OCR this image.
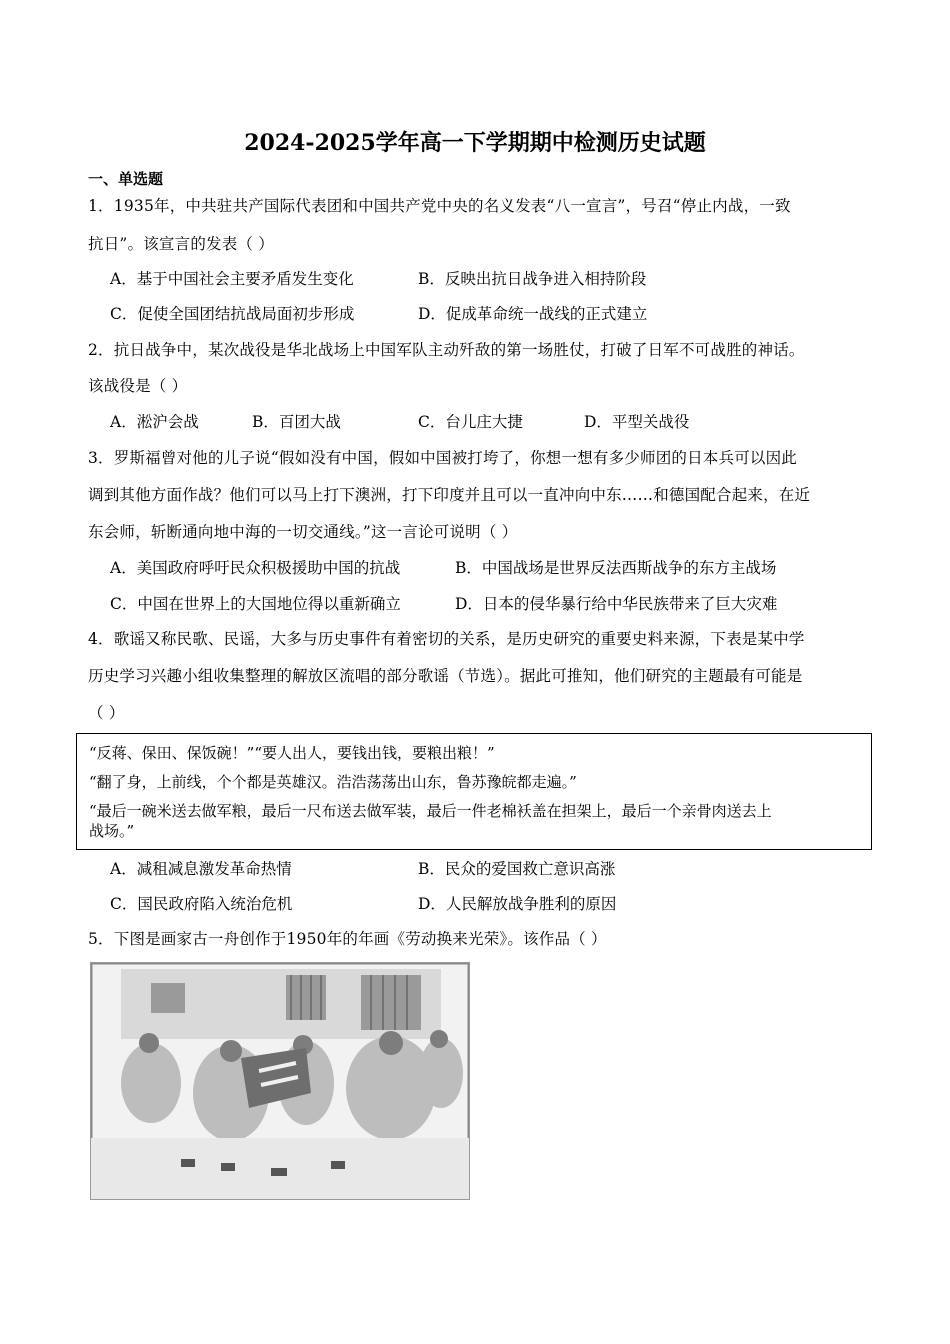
2024-2025学年高一下学期期中检测历史试题
一、单选题
1．1935年，中共驻共产国际代表团和中国共产党中央的名义发表“八一宣言”，号召“停止内战，一致
抗日”。该宣言的发表（ ）
A．基于中国社会主要矛盾发生变化	B．反映出抗日战争进入相持阶段
C．促使全国团结抗战局面初步形成	D．促成革命统一战线的正式建立
2．抗日战争中，某次战役是华北战场上中国军队主动歼敌的第一场胜仗，打破了日军不可战胜的神话。
该战役是（ ）
A．淞沪会战	B．百团大战	C．台儿庄大捷	D．平型关战役
3．罗斯福曾对他的儿子说“假如没有中国，假如中国被打垮了，你想一想有多少师团的日本兵可以因此
调到其他方面作战？他们可以马上打下澳洲，打下印度并且可以一直冲向中东……和德国配合起来，在近
东会师，斩断通向地中海的一切交通线。”这一言论可说明（ ）
A．美国政府呼吁民众积极援助中国的抗战	B．中国战场是世界反法西斯战争的东方主战场
C．中国在世界上的大国地位得以重新确立	D．日本的侵华暴行给中华民族带来了巨大灾难
4．歌谣又称民歌、民谣，大多与历史事件有着密切的关系，是历史研究的重要史料来源，下表是某中学
历史学习兴趣小组收集整理的解放区流唱的部分歌谣（节选）。据此可推知，他们研究的主题最有可能是
（ ）
“反蒋、保田、保饭碗！”“要人出人，要钱出钱，要粮出粮！”
“翻了身，上前线，个个都是英雄汉。浩浩荡荡出山东，鲁苏豫皖都走遍。”
“最后一碗米送去做军粮，最后一尺布送去做军装，最后一件老棉袄盖在担架上，最后一个亲骨肉送去上
战场。”
A．减租减息激发革命热情	B．民众的爱国救亡意识高涨
C．国民政府陷入统治危机	D．人民解放战争胜利的原因
5．下图是画家古一舟创作于1950年的年画《劳动换来光荣》。该作品（ ）
